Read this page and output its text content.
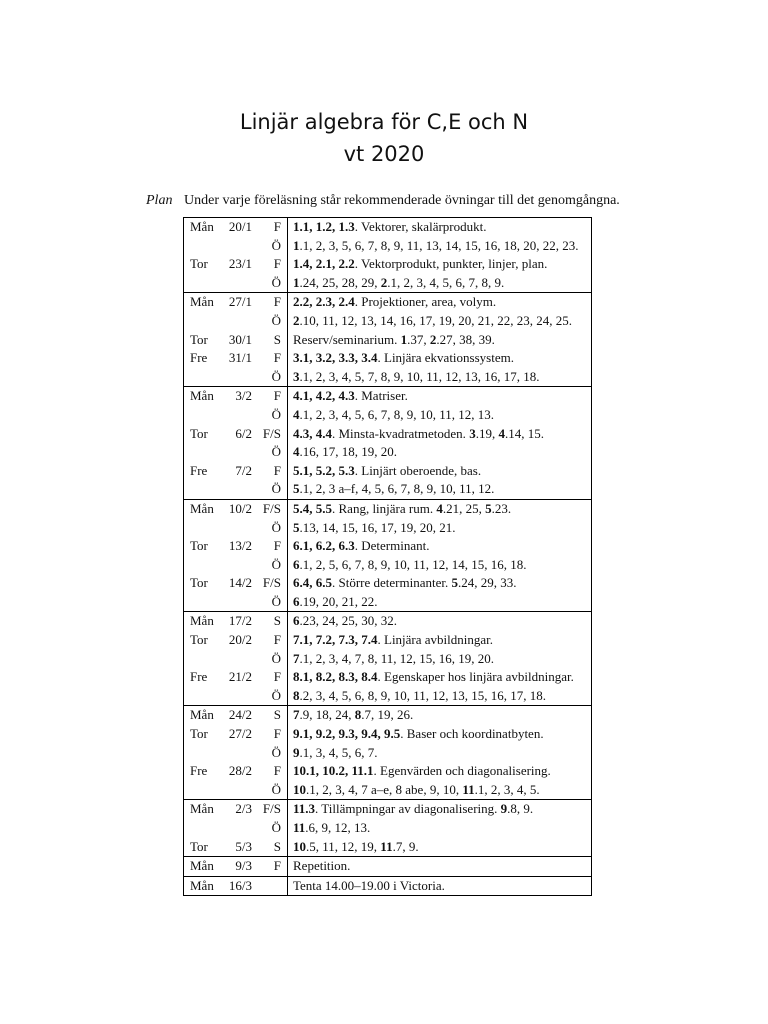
Linjär algebra för C,E och N
vt 2020
Plan Under varje föreläsning står rekommenderade övningar till det genomgångna.
Mån	20/1	F 1.1, 1.2, 1.3. Vektorer, skalärprodukt.
Ö 1.1, 2, 3, 5, 6, 7, 8, 9, 11, 13, 14, 15, 16, 18, 20, 22, 23.
Tor	23/1	F 1.4, 2.1, 2.2. Vektorprodukt, punkter, linjer, plan.
Ö 1.24, 25, 28, 29, 2.1, 2, 3, 4, 5, 6, 7, 8, 9.
Mån	27/1	F 2.2, 2.3, 2.4. Projektioner, area, volym.
Ö 2.10, 11, 12, 13, 14, 16, 17, 19, 20, 21, 22, 23, 24, 25.
Tor	30/1	S Reserv/seminarium. 1.37, 2.27, 38, 39.
Fre	31/1	F 3.1, 3.2, 3.3, 3.4. Linjära ekvationssystem.
Ö 3.1, 2, 3, 4, 5, 7, 8, 9, 10, 11, 12, 13, 16, 17, 18.
Mån	3/2	F 4.1, 4.2, 4.3. Matriser.
Ö 4.1, 2, 3, 4, 5, 6, 7, 8, 9, 10, 11, 12, 13.
Tor	6/2 F/S 4.3, 4.4. Minsta-kvadratmetoden. 3.19, 4.14, 15.
Ö 4.16, 17, 18, 19, 20.
Fre	7/2	F 5.1, 5.2, 5.3. Linjärt oberoende, bas.
Ö 5.1, 2, 3 a–f, 4, 5, 6, 7, 8, 9, 10, 11, 12.
Mån	10/2 F/S 5.4, 5.5. Rang, linjära rum. 4.21, 25, 5.23.
Ö 5.13, 14, 15, 16, 17, 19, 20, 21.
Tor	13/2	F 6.1, 6.2, 6.3. Determinant.
Ö 6.1, 2, 5, 6, 7, 8, 9, 10, 11, 12, 14, 15, 16, 18.
Tor	14/2 F/S 6.4, 6.5. Större determinanter. 5.24, 29, 33.
Ö 6.19, 20, 21, 22.
Mån	17/2	S 6.23, 24, 25, 30, 32.
Tor	20/2	F 7.1, 7.2, 7.3, 7.4. Linjära avbildningar.
Ö 7.1, 2, 3, 4, 7, 8, 11, 12, 15, 16, 19, 20.
Fre	21/2	F 8.1, 8.2, 8.3, 8.4. Egenskaper hos linjära avbildningar.
Ö 8.2, 3, 4, 5, 6, 8, 9, 10, 11, 12, 13, 15, 16, 17, 18.
Mån	24/2	S 7.9, 18, 24, 8.7, 19, 26.
Tor	27/2	F 9.1, 9.2, 9.3, 9.4, 9.5. Baser och koordinatbyten.
Ö 9.1, 3, 4, 5, 6, 7.
Fre	28/2	F 10.1, 10.2, 11.1. Egenvärden och diagonalisering.
Ö 10.1, 2, 3, 4, 7 a–e, 8 abe, 9, 10, 11.1, 2, 3, 4, 5.
Mån	2/3 F/S 11.3. Tillämpningar av diagonalisering. 9.8, 9.
Ö 11.6, 9, 12, 13.
Tor	5/3	S 10.5, 11, 12, 19, 11.7, 9.
Mån	9/3	F Repetition.
Mån	16/3	Tenta 14.00–19.00 i Victoria.
